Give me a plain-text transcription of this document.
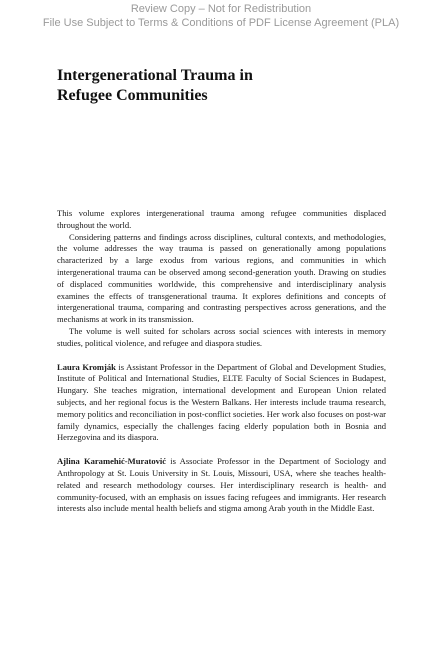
Review Copy – Not for Redistribution
File Use Subject to Terms & Conditions of PDF License Agreement (PLA)
Intergenerational Trauma in
Refugee Communities

This volume explores intergenerational trauma among refugee communities displaced throughout the world.

Considering patterns and findings across disciplines, cultural contexts, and methodologies, the volume addresses the way trauma is passed on generationally among populations characterized by a large exodus from various regions, and communities in which intergenerational trauma can be observed among second-generation youth. Drawing on studies of displaced communities worldwide, this comprehensive and interdisciplinary analysis examines the effects of transgenerational trauma. It explores definitions and concepts of intergenerational trauma, comparing and contrasting perspectives across generations, and the mechanisms at work in its transmission.

The volume is well suited for scholars across social sciences with interests in memory studies, political violence, and refugee and diaspora studies.

Laura Kromják is Assistant Professor in the Department of Global and Development Studies, Institute of Political and International Studies, ELTE Faculty of Social Sciences in Budapest, Hungary. She teaches migration, international development and European Union related subjects, and her regional focus is the Western Balkans. Her interests include trauma research, memory politics and reconciliation in post-conflict societies. Her work also focuses on post-war family dynamics, especially the challenges facing elderly population both in Bosnia and Herzegovina and its diaspora.

Ajlina Karamehić-Muratović is Associate Professor in the Department of Sociology and Anthropology at St. Louis University in St. Louis, Missouri, USA, where she teaches health-related and research methodology courses. Her interdisciplinary research is health- and community-focused, with an emphasis on issues facing refugees and immigrants. Her research interests also include mental health beliefs and stigma among Arab youth in the Middle East.
